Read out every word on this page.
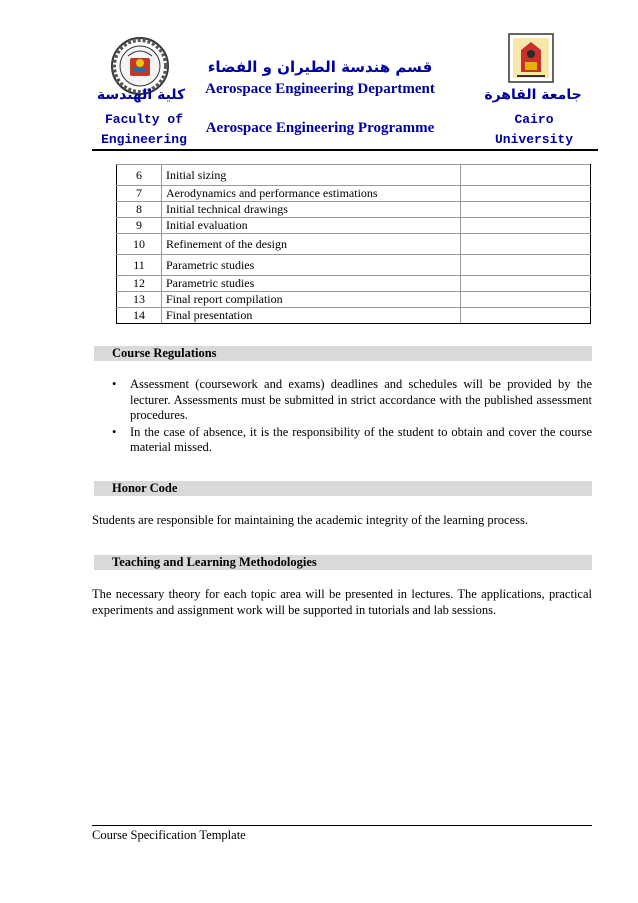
قسم هندسة الطيران و الفضاء
Aerospace Engineering Department
Aerospace Engineering Programme
كلية الهندسة
Faculty of
Engineering
جامعة القاهرة
Cairo
University
6	Initial sizing	
7	Aerodynamics and performance estimations	
8	Initial technical drawings	
9	Initial evaluation	
10	Refinement of the design	
11	Parametric studies	
12	Parametric studies	
13	Final report compilation	
14	Final presentation	
Course Regulations
• Assessment (coursework and exams) deadlines and schedules will be provided by the lecturer. Assessments must be submitted in strict accordance with the published assessment procedures.
• In the case of absence, it is the responsibility of the student to obtain and cover the course material missed.
Honor Code
Students are responsible for maintaining the academic integrity of the learning process.
Teaching and Learning Methodologies
The necessary theory for each topic area will be presented in lectures. The applications, practical experiments and assignment work will be supported in tutorials and lab sessions.
Course Specification Template
